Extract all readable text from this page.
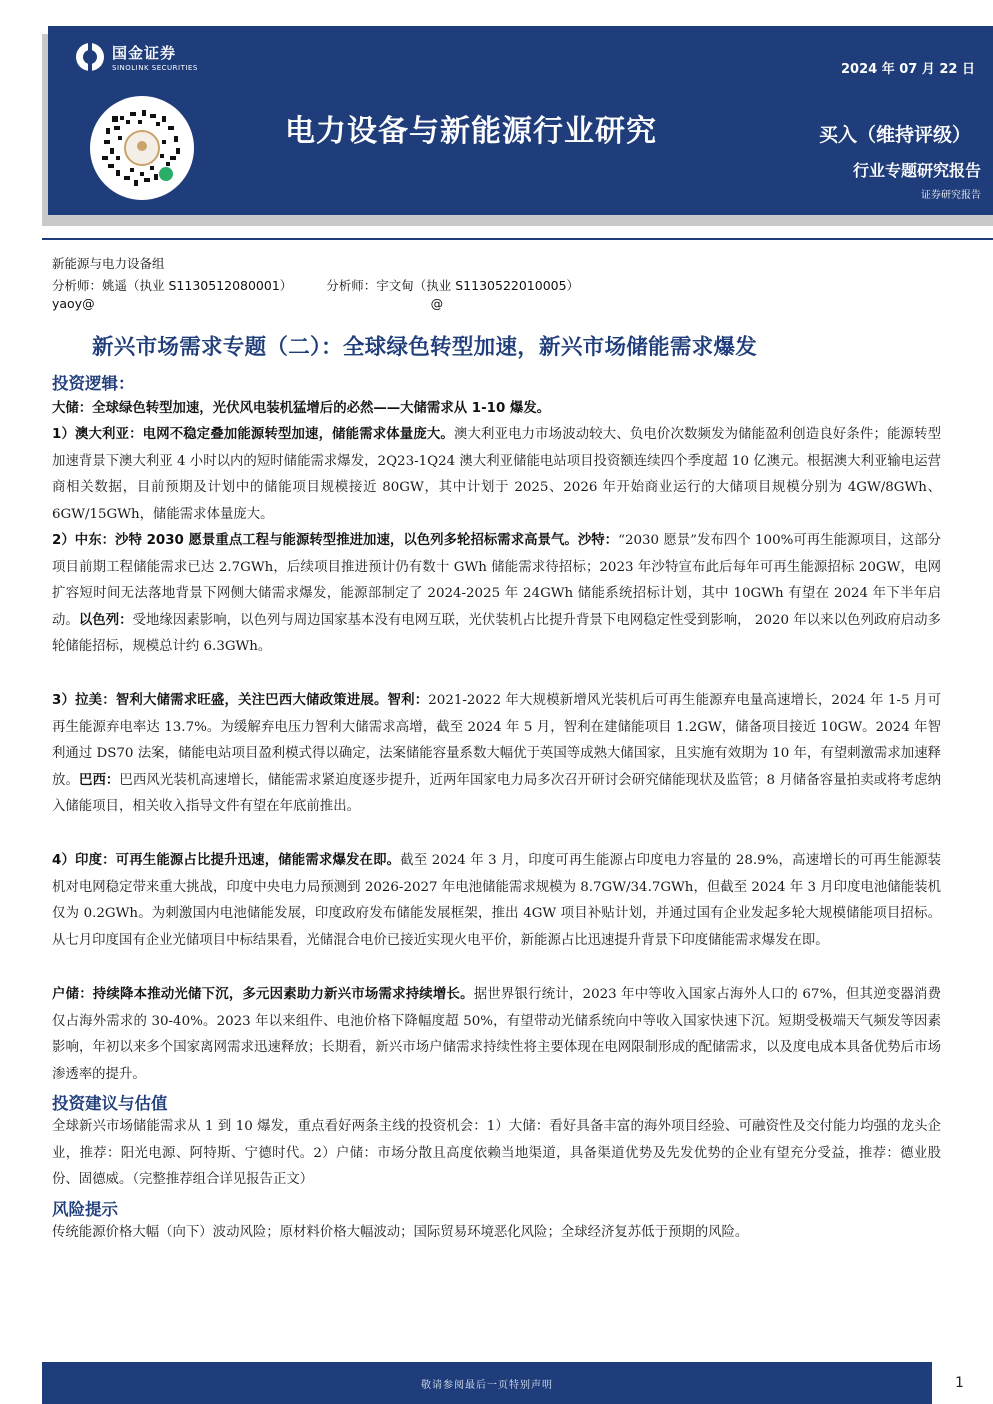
国金证券
SINOLINK SECURITIES	2024 年 07 月 22 日
电力设备与新能源行业研究	买入（维持评级）
行业专题研究报告
证券研究报告
新能源与电力设备组
分析师：姚遥（执业 S1130512080001）	分析师：宇文甸（执业 S1130522010005）
yaoy@	@
新兴市场需求专题（二）：全球绿色转型加速，新兴市场储能需求爆发
投资逻辑：
大储：全球绿色转型加速，光伏风电装机猛增后的必然——大储需求从 1-10 爆发。
1）澳大利亚：电网不稳定叠加能源转型加速，储能需求体量庞大。澳大利亚电力市场波动较大、负电价次数频发为储能盈利创造良好条件；能源转型加速背景下澳大利亚 4 小时以内的短时储能需求爆发，2Q23-1Q24 澳大利亚储能电站项目投资额连续四个季度超 10 亿澳元。根据澳大利亚输电运营商相关数据，目前预期及计划中的储能项目规模接近 80GW，其中计划于 2025、2026 年开始商业运行的大储项目规模分别为 4GW/8GWh、6GW/15GWh，储能需求体量庞大。
2）中东：沙特 2030 愿景重点工程与能源转型推进加速，以色列多轮招标需求高景气。沙特：“2030 愿景”发布四个 100%可再生能源项目，这部分项目前期工程储能需求已达 2.7GWh，后续项目推进预计仍有数十 GWh 储能需求待招标；2023 年沙特宣布此后每年可再生能源招标 20GW，电网扩容短时间无法落地背景下网侧大储需求爆发，能源部制定了 2024-2025 年 24GWh 储能系统招标计划，其中 10GWh 有望在 2024 年下半年启动。以色列：受地缘因素影响，以色列与周边国家基本没有电网互联，光伏装机占比提升背景下电网稳定性受到影响， 2020 年以来以色列政府启动多轮储能招标，规模总计约 6.3GWh。
3）拉美：智利大储需求旺盛，关注巴西大储政策进展。智利：2021-2022 年大规模新增风光装机后可再生能源弃电量高速增长，2024 年 1-5 月可再生能源弃电率达 13.7%。为缓解弃电压力智利大储需求高增，截至 2024 年 5 月，智利在建储能项目 1.2GW，储备项目接近 10GW。2024 年智利通过 DS70 法案，储能电站项目盈利模式得以确定，法案储能容量系数大幅优于英国等成熟大储国家，且实施有效期为 10 年，有望刺激需求加速释放。巴西：巴西风光装机高速增长，储能需求紧迫度逐步提升，近两年国家电力局多次召开研讨会研究储能现状及监管；8 月储备容量拍卖或将考虑纳入储能项目，相关收入指导文件有望在年底前推出。
4）印度：可再生能源占比提升迅速，储能需求爆发在即。截至 2024 年 3 月，印度可再生能源占印度电力容量的 28.9%，高速增长的可再生能源装机对电网稳定带来重大挑战，印度中央电力局预测到 2026-2027 年电池储能需求规模为 8.7GW/34.7GWh，但截至 2024 年 3 月印度电池储能装机仅为 0.2GWh。为刺激国内电池储能发展，印度政府发布储能发展框架，推出 4GW 项目补贴计划，并通过国有企业发起多轮大规模储能项目招标。从七月印度国有企业光储项目中标结果看，光储混合电价已接近实现火电平价，新能源占比迅速提升背景下印度储能需求爆发在即。
户储：持续降本推动光储下沉，多元因素助力新兴市场需求持续增长。据世界银行统计，2023 年中等收入国家占海外人口的 67%，但其逆变器消费仅占海外需求的 30-40%。2023 年以来组件、电池价格下降幅度超 50%，有望带动光储系统向中等收入国家快速下沉。短期受极端天气频发等因素影响，年初以来多个国家离网需求迅速释放；长期看，新兴市场户储需求持续性将主要体现在电网限制形成的配储需求，以及度电成本具备优势后市场渗透率的提升。
投资建议与估值
全球新兴市场储能需求从 1 到 10 爆发，重点看好两条主线的投资机会：1）大储：看好具备丰富的海外项目经验、可融资性及交付能力均强的龙头企业，推荐：阳光电源、阿特斯、宁德时代。2）户储：市场分散且高度依赖当地渠道，具备渠道优势及先发优势的企业有望充分受益，推荐：德业股份、固德威。（完整推荐组合详见报告正文）
风险提示
传统能源价格大幅（向下）波动风险；原材料价格大幅波动；国际贸易环境恶化风险；全球经济复苏低于预期的风险。
敬请参阅最后一页特别声明	1
